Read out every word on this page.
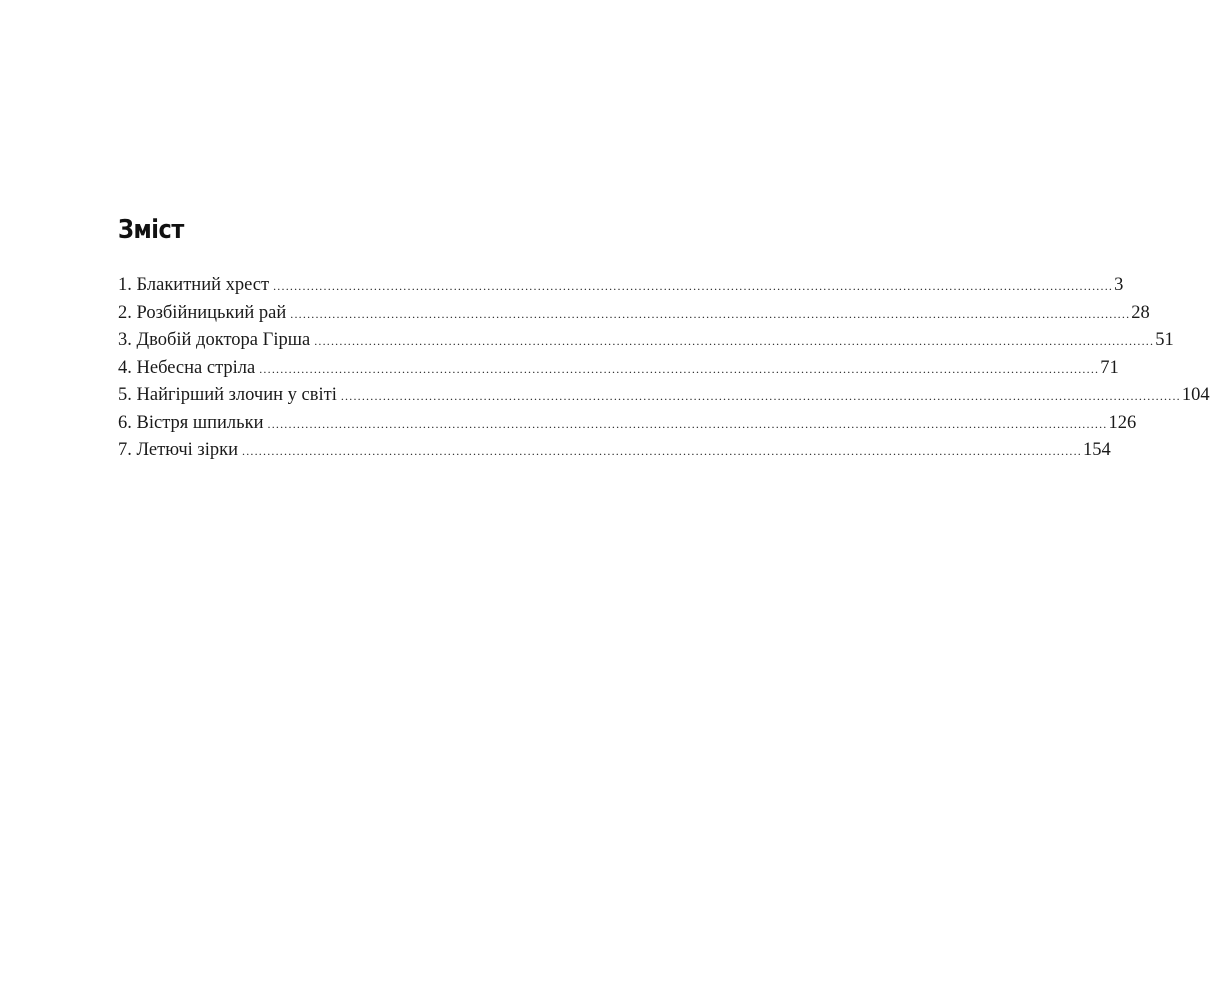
Зміст
1. Блакитний хрест ........................................................................................................................................................................................................ 3
2. Розбійницький рай ........................................................................................................................................................................................................ 28
3. Двобій доктора Гірша ........................................................................................................................................................................................................ 51
4. Небесна стріла ........................................................................................................................................................................................................ 71
5. Найгірший злочин у світі ........................................................................................................................................................................................................ 104
6. Вістря шпильки ........................................................................................................................................................................................................ 126
7. Летючі зірки ........................................................................................................................................................................................................ 154
